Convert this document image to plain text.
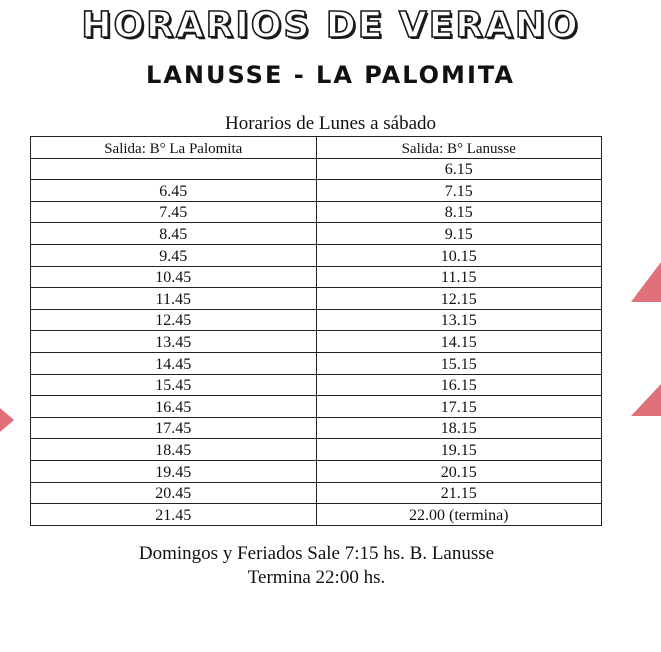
HORARIOS DE VERANO
LANUSSE - LA PALOMITA
Horarios de Lunes a sábado
Salida: B° La Palomita	Salida: B° Lanusse
	6.15
6.45	7.15
7.45	8.15
8.45	9.15
9.45	10.15
10.45	11.15
11.45	12.15
12.45	13.15
13.45	14.15
14.45	15.15
15.45	16.15
16.45	17.15
17.45	18.15
18.45	19.15
19.45	20.15
20.45	21.15
21.45	22.00 (termina)
Domingos y Feriados Sale 7:15 hs. B. Lanusse
Termina 22:00 hs.
